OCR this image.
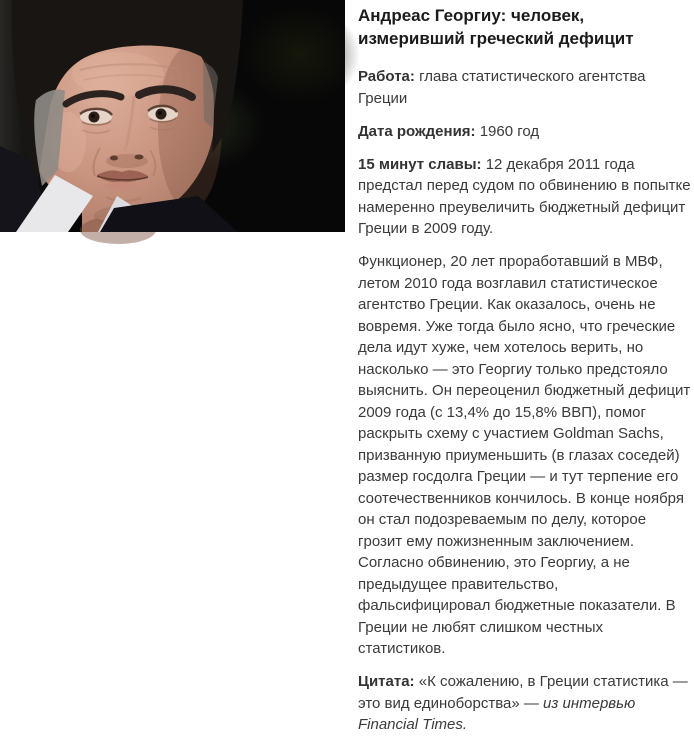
Андреас Георгиу: человек, измеривший греческий дефицит

Работа: глава статистического агентства Греции

Дата рождения: 1960 год

15 минут славы: 12 декабря 2011 года предстал перед судом по обвинению в попытке намеренно преувеличить бюджетный дефицит Греции в 2009 году.

Функционер, 20 лет проработавший в МВФ, летом 2010 года возглавил статистическое агентство Греции. Как оказалось, очень не вовремя. Уже тогда было ясно, что греческие дела идут хуже, чем хотелось верить, но насколько — это Георгиу только предстояло выяснить. Он переоценил бюджетный дефицит 2009 года (с 13,4% до 15,8% ВВП), помог раскрыть схему с участием Goldman Sachs, призванную приуменьшить (в глазах соседей) размер госдолга Греции — и тут терпение его соотечественников кончилось. В конце ноября он стал подозреваемым по делу, которое грозит ему пожизненным заключением. Согласно обвинению, это Георгиу, а не предыдущее правительство, фальсифицировал бюджетные показатели. В Греции не любят слишком честных статистиков.

Цитата: «К сожалению, в Греции статистика — это вид единоборства» — из интервью Financial Times.
